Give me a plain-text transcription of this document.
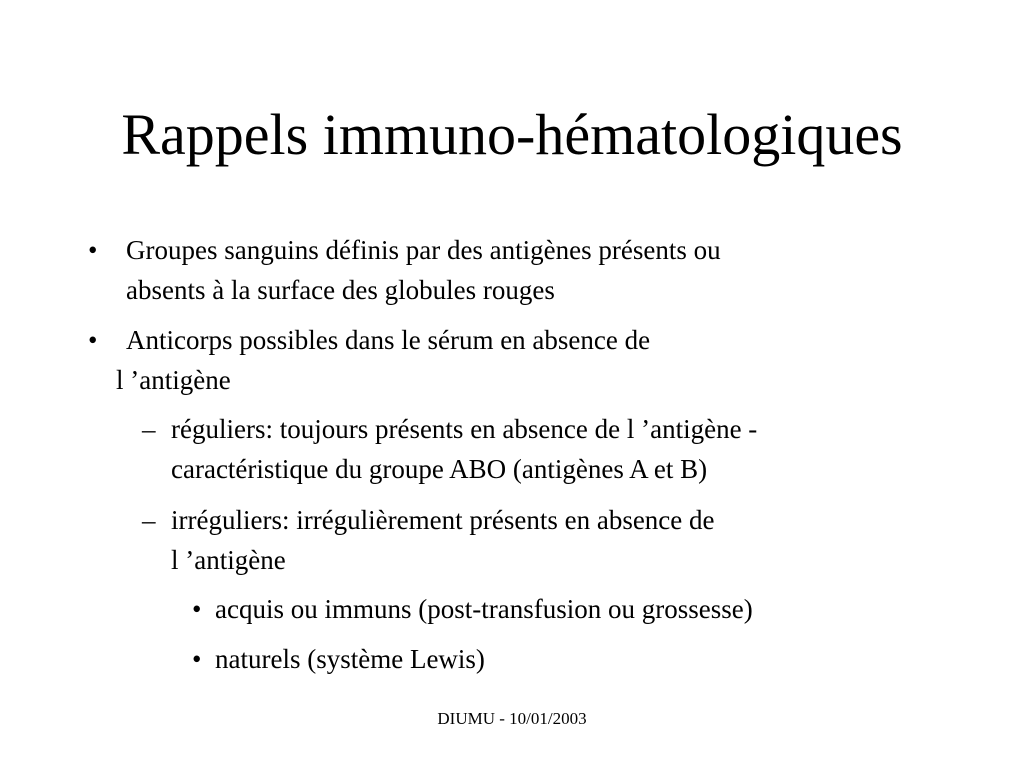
Rappels immuno-hématologiques
• Groupes sanguins définis par des antigènes présents ou
absents à la surface des globules rouges
• Anticorps possibles dans le sérum en absence de
l ’antigène
– réguliers: toujours présents en absence de l ’antigène -
caractéristique du groupe ABO (antigènes A et B)
– irréguliers: irrégulièrement présents en absence de
l ’antigène
• acquis ou immuns (post-transfusion ou grossesse)
• naturels (système Lewis)
DIUMU - 10/01/2003
